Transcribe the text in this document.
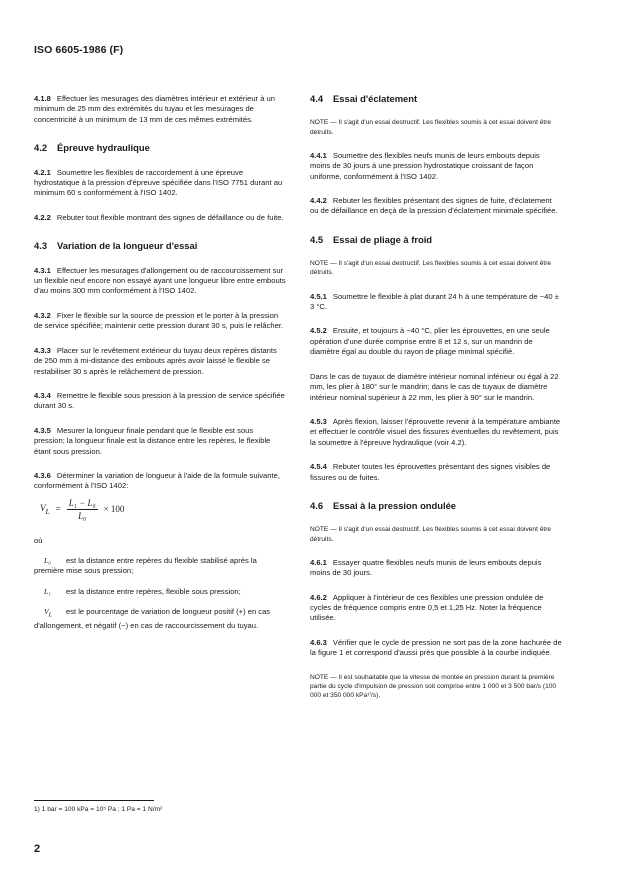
ISO 6605-1986 (F)

4.1.8 Effectuer les mesurages des diamètres intérieur et extérieur à un minimum de 25 mm des extrémités du tuyau et les mesurages de concentricité à un minimum de 13 mm de ces mêmes extrémités.

4.2 Épreuve hydraulique

4.2.1 Soumettre les flexibles de raccordement à une épreuve hydrostatique à la pression d'épreuve spécifiée dans l'ISO 7751 durant au minimum 60 s conformément à l'ISO 1402.

4.2.2 Rebuter tout flexible montrant des signes de défaillance ou de fuite.

4.3 Variation de la longueur d'essai

4.3.1 Effectuer les mesurages d'allongement ou de raccourcissement sur un flexible neuf encore non essayé ayant une longueur libre entre embouts d'au moins 300 mm conformément à l'ISO 1402.

4.3.2 Fixer le flexible sur la source de pression et le porter à la pression de service spécifiée; maintenir cette pression durant 30 s, puis le relâcher.

4.3.3 Placer sur le revêtement extérieur du tuyau deux repères distants de 250 mm à mi-distance des embouts après avoir laissé le flexible se restabiliser 30 s après le relâchement de pression.

4.3.4 Remettre le flexible sous pression à la pression de service spécifiée durant 30 s.

4.3.5 Mesurer la longueur finale pendant que le flexible est sous pression; la longueur finale est la distance entre les repères, le flexible étant sous pression.

4.3.6 Déterminer la variation de longueur à l'aide de la formule suivante, conformément à l'ISO 1402:

$V_L = \frac{\text{L₁ − L₀}}{\text{L₀}} \times 100$

où

L₀ est la distance entre repères du flexible stabilisé après la première mise sous pression;
L₁ est la distance entre repères, flexible sous pression;
$V_L$ est le pourcentage de variation de longueur positif (+) en cas d'allongement, et négatif (−) en cas de raccourcissement du tuyau.
4.4 Essai d'éclatement

NOTE — Il s'agit d'un essai destructif. Les flexibles soumis à cet essai doivent être détruits.

4.4.1 Soumettre des flexibles neufs munis de leurs embouts depuis moins de 30 jours à une pression hydrostatique croissant de façon uniforme, conformément à l'ISO 1402.

4.4.2 Rebuter les flexibles présentant des signes de fuite, d'éclatement ou de défaillance en deçà de la pression d'éclatement minimale spécifiée.

4.5 Essai de pliage à froid

NOTE — Il s'agit d'un essai destructif. Les flexibles soumis à cet essai doivent être détruits.

4.5.1 Soumettre le flexible à plat durant 24 h à une température de −40 ± 3 °C.

4.5.2 Ensuite, et toujours à −40 °C, plier les éprouvettes, en une seule opération d'une durée comprise entre 8 et 12 s, sur un mandrin de diamètre égal au double du rayon de pliage minimal spécifié.

Dans le cas de tuyaux de diamètre intérieur nominal inférieur ou égal à 22 mm, les plier à 180° sur le mandrin; dans le cas de tuyaux de diamètre intérieur nominal supérieur à 22 mm, les plier à 90° sur le mandrin.

4.5.3 Après flexion, laisser l'éprouvette revenir à la température ambiante et effectuer le contrôle visuel des fissures éventuelles du revêtement, puis la soumettre à l'épreuve hydraulique (voir 4.2).

4.5.4 Rebuter toutes les éprouvettes présentant des signes visibles de fissures ou de fuites.

4.6 Essai à la pression ondulée

NOTE — Il s'agit d'un essai destructif. Les flexibles soumis à cet essai doivent être détruits.

4.6.1 Essayer quatre flexibles neufs munis de leurs embouts depuis moins de 30 jours.

4.6.2 Appliquer à l'intérieur de ces flexibles une pression ondulée de cycles de fréquence compris entre 0,5 et 1,25 Hz. Noter la fréquence utilisée.

4.6.3 Vérifier que le cycle de pression ne sort pas de la zone hachurée de la figure 1 et correspond d'aussi près que possible à la courbe indiquée.

NOTE — Il est souhaitable que la vitesse de montée en pression durant la première partie du cycle d'impulsion de pression soit comprise entre 1 000 et 3 500 bar/s (100 000 et 350 000 kPa¹⁾/s).

1) 1 bar = 100 kPa = 10⁵ Pa ; 1 Pa = 1 N/m²
2
